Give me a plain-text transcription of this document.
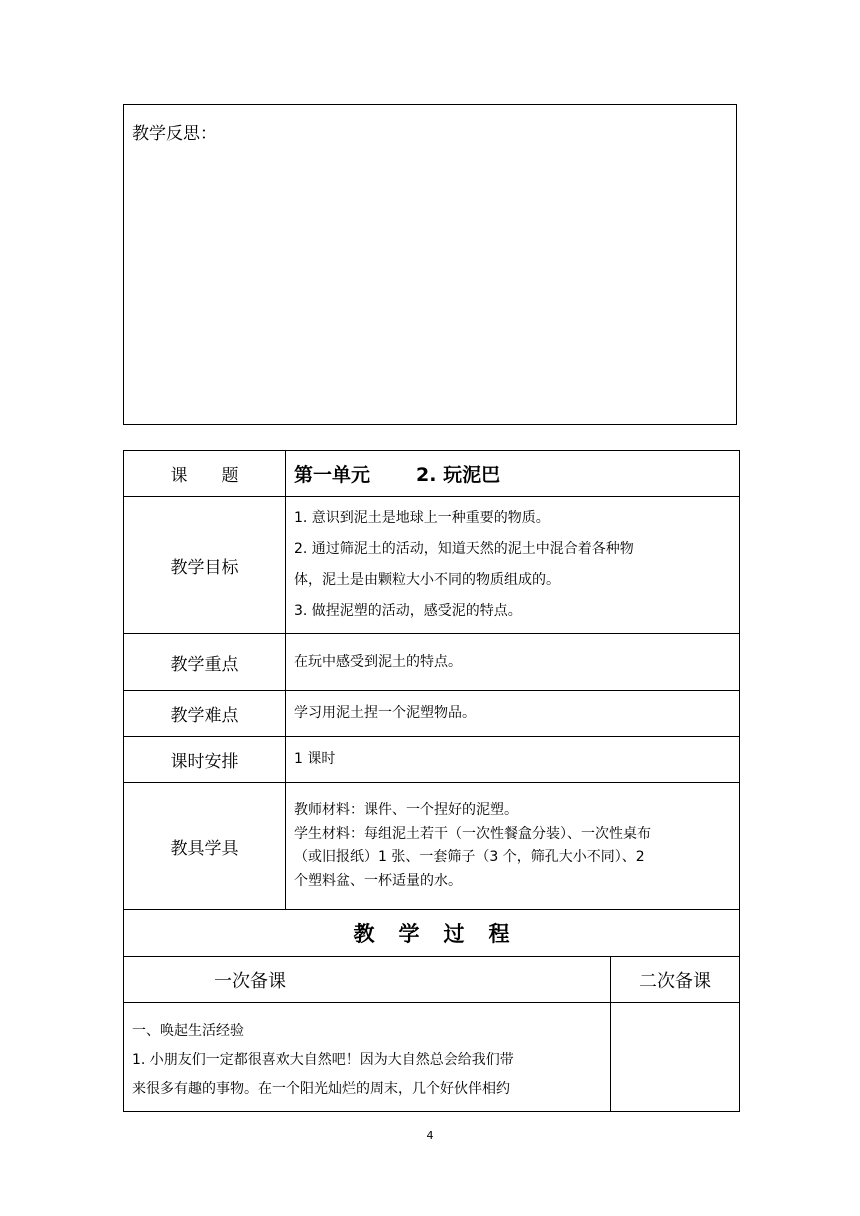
教学反思：
课　　题	第一单元 2. 玩泥巴	
教学目标	1. 意识到泥土是地球上一种重要的物质。
2. 通过筛泥土的活动，知道天然的泥土中混合着各种物
体，泥土是由颗粒大小不同的物质组成的。
3. 做捏泥塑的活动，感受泥的特点。	

教学重点	在玩中感受到泥土的特点。	
教学难点	学习用泥土捏一个泥塑物品。	
课时安排	1 课时	
教具学具	教师材料：课件、一个捏好的泥塑。
学生材料：每组泥土若干（一次性餐盒分装）、一次性桌布
（或旧报纸）1 张、一套筛子（3 个，筛孔大小不同）、2
个塑料盆、一杯适量的水。	

教学过程		
一次备课		二次备课

一、唤起生活经验
1. 小朋友们一定都很喜欢大自然吧！因为大自然总会给我们带
来很多有趣的事物。在一个阳光灿烂的周末，几个好伙伴相约		

4
